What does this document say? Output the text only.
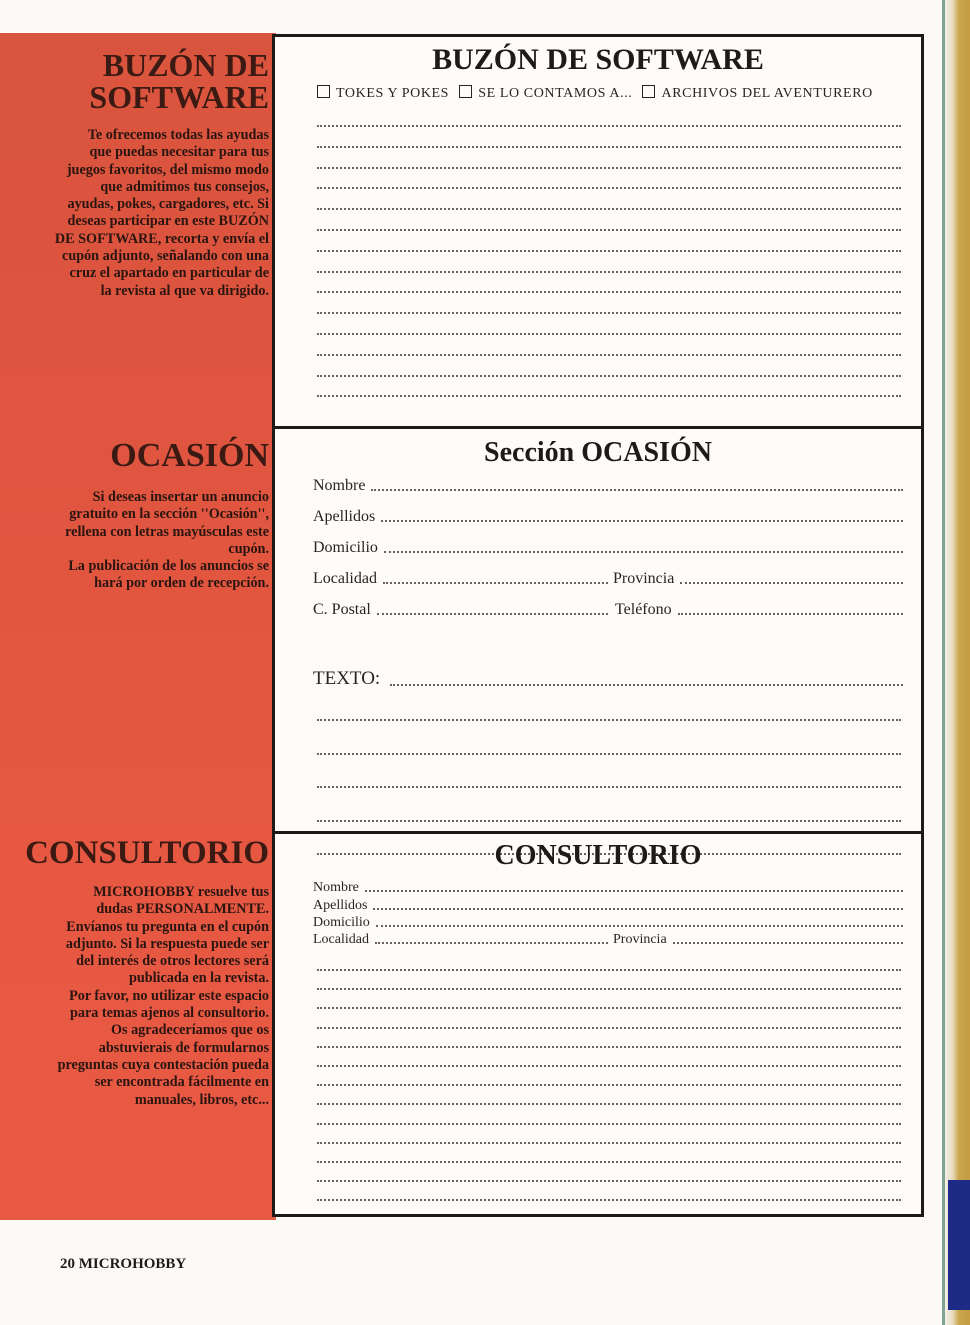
BUZÓN DE
SOFTWARE
Te ofrecemos todas las ayudas
que puedas necesitar para tus
juegos favoritos, del mismo modo
que admitimos tus consejos,
ayudas, pokes, cargadores, etc. Si
deseas participar en este BUZÓN
DE SOFTWARE, recorta y envía el
cupón adjunto, señalando con una
cruz el apartado en particular de
la revista al que va dirigido.
OCASIÓN
Si deseas insertar un anuncio
gratuito en la sección ''Ocasión'',
rellena con letras mayúsculas este
cupón.
La publicación de los anuncios se
hará por orden de recepción.
CONSULTORIO
MICROHOBBY resuelve tus
dudas PERSONALMENTE.
Envíanos tu pregunta en el cupón
adjunto. Si la respuesta puede ser
del interés de otros lectores será
publicada en la revista.
Por favor, no utilizar este espacio
para temas ajenos al consultorio.
Os agradeceríamos que os
abstuvierais de formularnos
preguntas cuya contestación pueda
ser encontrada fácilmente en
manuales, libros, etc...
BUZÓN DE SOFTWARE
TOKES Y POKES SE LO CONTAMOS A... ARCHIVOS DEL AVENTURERO
Sección OCASIÓN
Nombre
Apellidos
Domicilio
Localidad	Provincia
C. Postal	Teléfono
TEXTO:
CONSULTORIO
Nombre
Apellidos
Domicilio
Localidad	Provincia
20 MICROHOBBY
